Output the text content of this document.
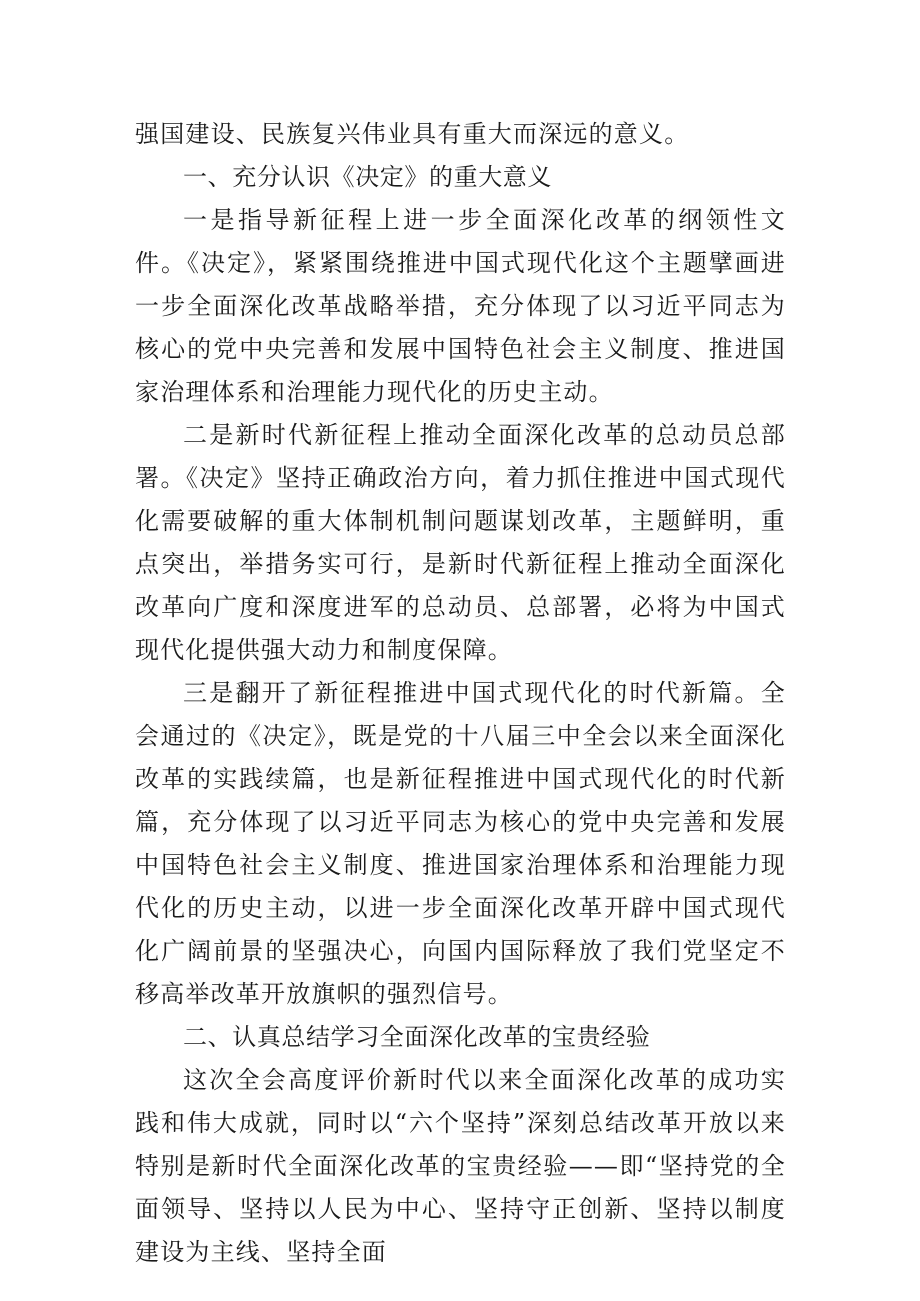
强国建设、民族复兴伟业具有重大而深远的意义。

一、充分认识《决定》的重大意义

一是指导新征程上进一步全面深化改革的纲领性文件。《决定》，紧紧围绕推进中国式现代化这个主题擘画进一步全面深化改革战略举措，充分体现了以习近平同志为核心的党中央完善和发展中国特色社会主义制度、推进国家治理体系和治理能力现代化的历史主动。

二是新时代新征程上推动全面深化改革的总动员总部署。《决定》坚持正确政治方向，着力抓住推进中国式现代化需要破解的重大体制机制问题谋划改革，主题鲜明，重点突出，举措务实可行，是新时代新征程上推动全面深化改革向广度和深度进军的总动员、总部署，必将为中国式现代化提供强大动力和制度保障。

三是翻开了新征程推进中国式现代化的时代新篇。全会通过的《决定》，既是党的十八届三中全会以来全面深化改革的实践续篇，也是新征程推进中国式现代化的时代新篇，充分体现了以习近平同志为核心的党中央完善和发展中国特色社会主义制度、推进国家治理体系和治理能力现代化的历史主动，以进一步全面深化改革开辟中国式现代化广阔前景的坚强决心，向国内国际释放了我们党坚定不移高举改革开放旗帜的强烈信号。

二、认真总结学习全面深化改革的宝贵经验

这次全会高度评价新时代以来全面深化改革的成功实践和伟大成就，同时以“六个坚持”深刻总结改革开放以来特别是新时代全面深化改革的宝贵经验——即“坚持党的全面领导、坚持以人民为中心、坚持守正创新、坚持以制度建设为主线、坚持全面
